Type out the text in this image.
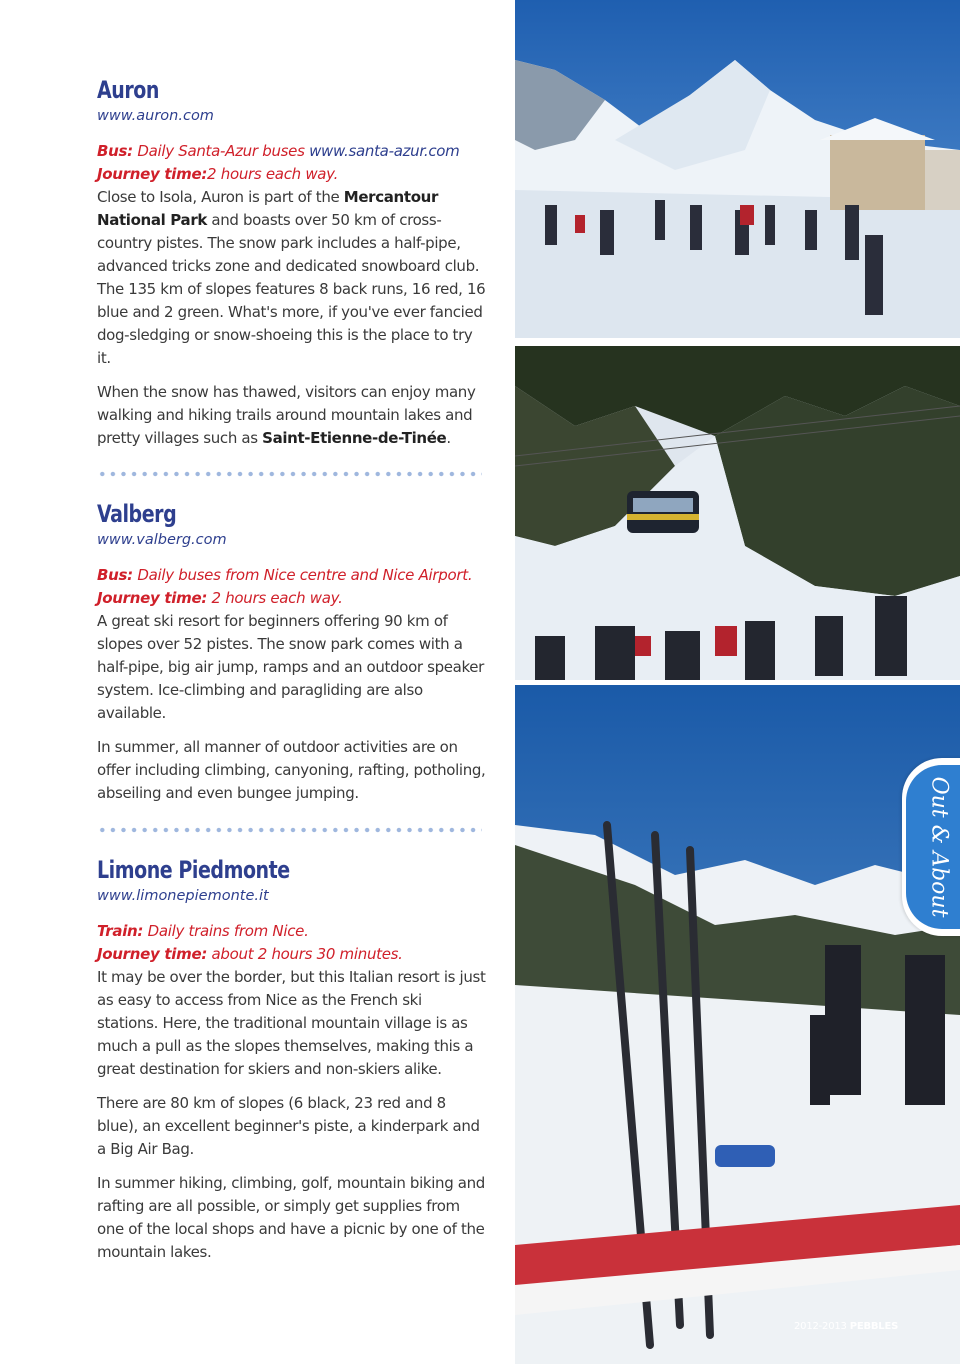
Auron
www.auron.com
Bus: Daily Santa-Azur buses www.santa-azur.com
Journey time:2 hours each way.

Close to Isola, Auron is part of the Mercantour National Park and boasts over 50 km of cross-country pistes. The snow park includes a half-pipe, advanced tricks zone and dedicated snowboard club. The 135 km of slopes features 8 back runs, 16 red, 16 blue and 2 green. What's more, if you've ever fancied dog-sledging or snow-shoeing this is the place to try it.

When the snow has thawed, visitors can enjoy many walking and hiking trails around mountain lakes and pretty villages such as Saint-Etienne-de-Tinée.

Valberg
www.valberg.com
Bus: Daily buses from Nice centre and Nice Airport.
Journey time: 2 hours each way.

A great ski resort for beginners offering 90 km of slopes over 52 pistes. The snow park comes with a half-pipe, big air jump, ramps and an outdoor speaker system. Ice-climbing and paragliding are also available.

In summer, all manner of outdoor activities are on offer including climbing, canyoning, rafting, potholing, abseiling and even bungee jumping.

Limone Piedmonte
www.limonepiemonte.it
Train: Daily trains from Nice.
Journey time: about 2 hours 30 minutes.

It may be over the border, but this Italian resort is just as easy to access from Nice as the French ski stations. Here, the traditional mountain village is as much a pull as the slopes themselves, making this a great destination for skiers and non-skiers alike.

There are 80 km of slopes (6 black, 23 red and 8 blue), an excellent beginner's piste, a kinderpark and a Big Air Bag.

In summer hiking, climbing, golf, mountain biking and rafting are all possible, or simply get supplies from one of the local shops and have a picnic by one of the mountain lakes.

Out & About
2012-2013 PEBBLES
